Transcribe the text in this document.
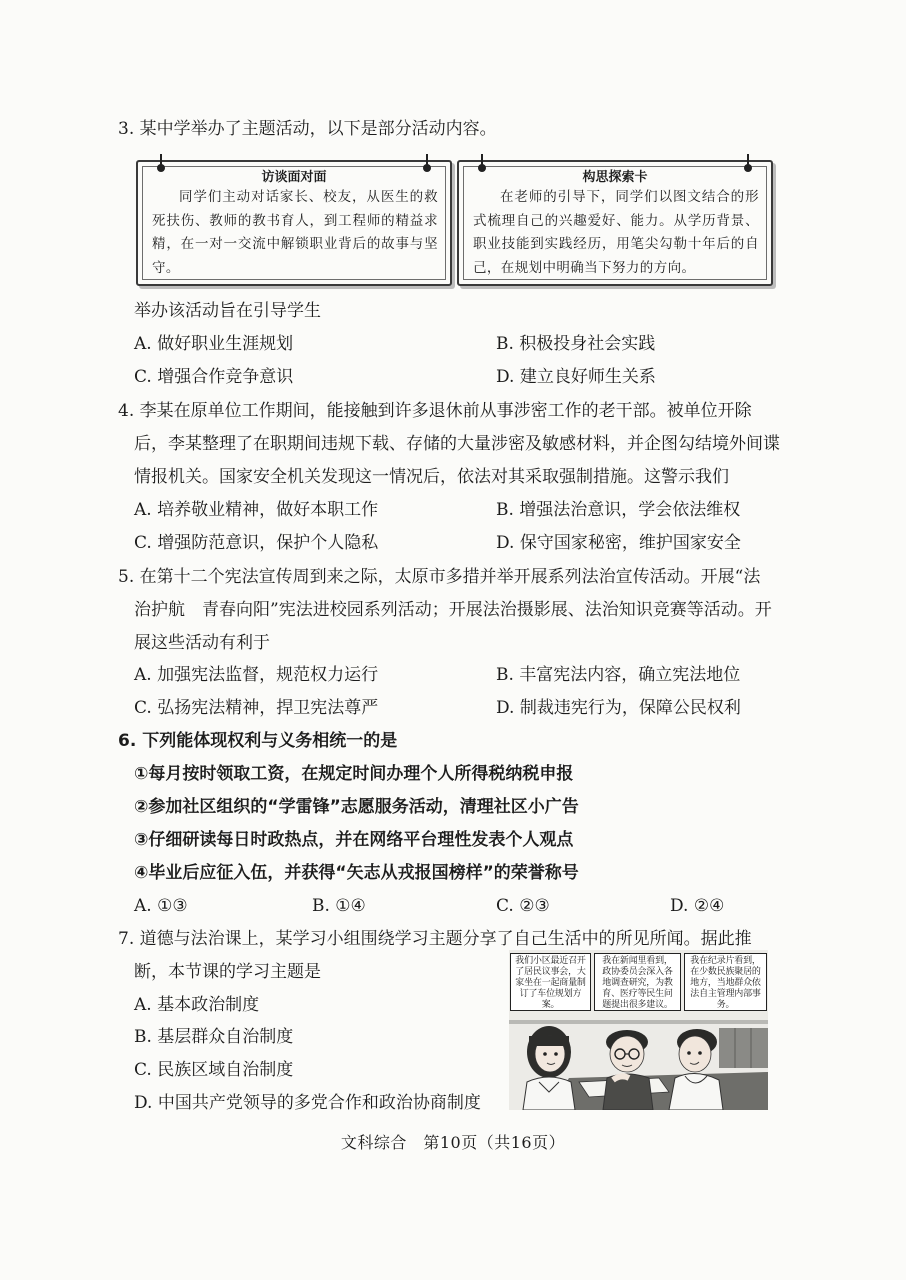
3. 某中学举办了主题活动，以下是部分活动内容。
访谈面对面
同学们主动对话家长、校友，从医生的救死扶伤、教师的教书育人，到工程师的精益求精，在一对一交流中解锁职业背后的故事与坚守。
构思探索卡
在老师的引导下，同学们以图文结合的形式梳理自己的兴趣爱好、能力。从学历背景、职业技能到实践经历，用笔尖勾勒十年后的自己，在规划中明确当下努力的方向。
举办该活动旨在引导学生
A. 做好职业生涯规划	B. 积极投身社会实践
C. 增强合作竞争意识	D. 建立良好师生关系
4. 李某在原单位工作期间，能接触到许多退休前从事涉密工作的老干部。被单位开除
后，李某整理了在职期间违规下载、存储的大量涉密及敏感材料，并企图勾结境外间谍
情报机关。国家安全机关发现这一情况后，依法对其采取强制措施。这警示我们
A. 培养敬业精神，做好本职工作	B. 增强法治意识，学会依法维权
C. 增强防范意识，保护个人隐私	D. 保守国家秘密，维护国家安全
5. 在第十二个宪法宣传周到来之际，太原市多措并举开展系列法治宣传活动。开展“法
治护航　青春向阳”宪法进校园系列活动；开展法治摄影展、法治知识竞赛等活动。开
展这些活动有利于
A. 加强宪法监督，规范权力运行	B. 丰富宪法内容，确立宪法地位
C. 弘扬宪法精神，捍卫宪法尊严	D. 制裁违宪行为，保障公民权利
6. 下列能体现权利与义务相统一的是
①每月按时领取工资，在规定时间办理个人所得税纳税申报
②参加社区组织的“学雷锋”志愿服务活动，清理社区小广告
③仔细研读每日时政热点，并在网络平台理性发表个人观点
④毕业后应征入伍，并获得“矢志从戎报国榜样”的荣誉称号
A. ①③	B. ①④	C. ②③	D. ②④
7. 道德与法治课上，某学习小组围绕学习主题分享了自己生活中的所见所闻。据此推
断，本节课的学习主题是
A. 基本政治制度
B. 基层群众自治制度
C. 民族区域自治制度
D. 中国共产党领导的多党合作和政治协商制度
我们小区最近召开了居民议事会，大家坐在一起商量制订了车位规划方案。
我在新闻里看到，政协委员会深入各地调查研究，为教育、医疗等民生问题提出很多建议。
我在纪录片看到，在少数民族聚居的地方，当地群众依法自主管理内部事务。
文科综合　第10页（共16页）
